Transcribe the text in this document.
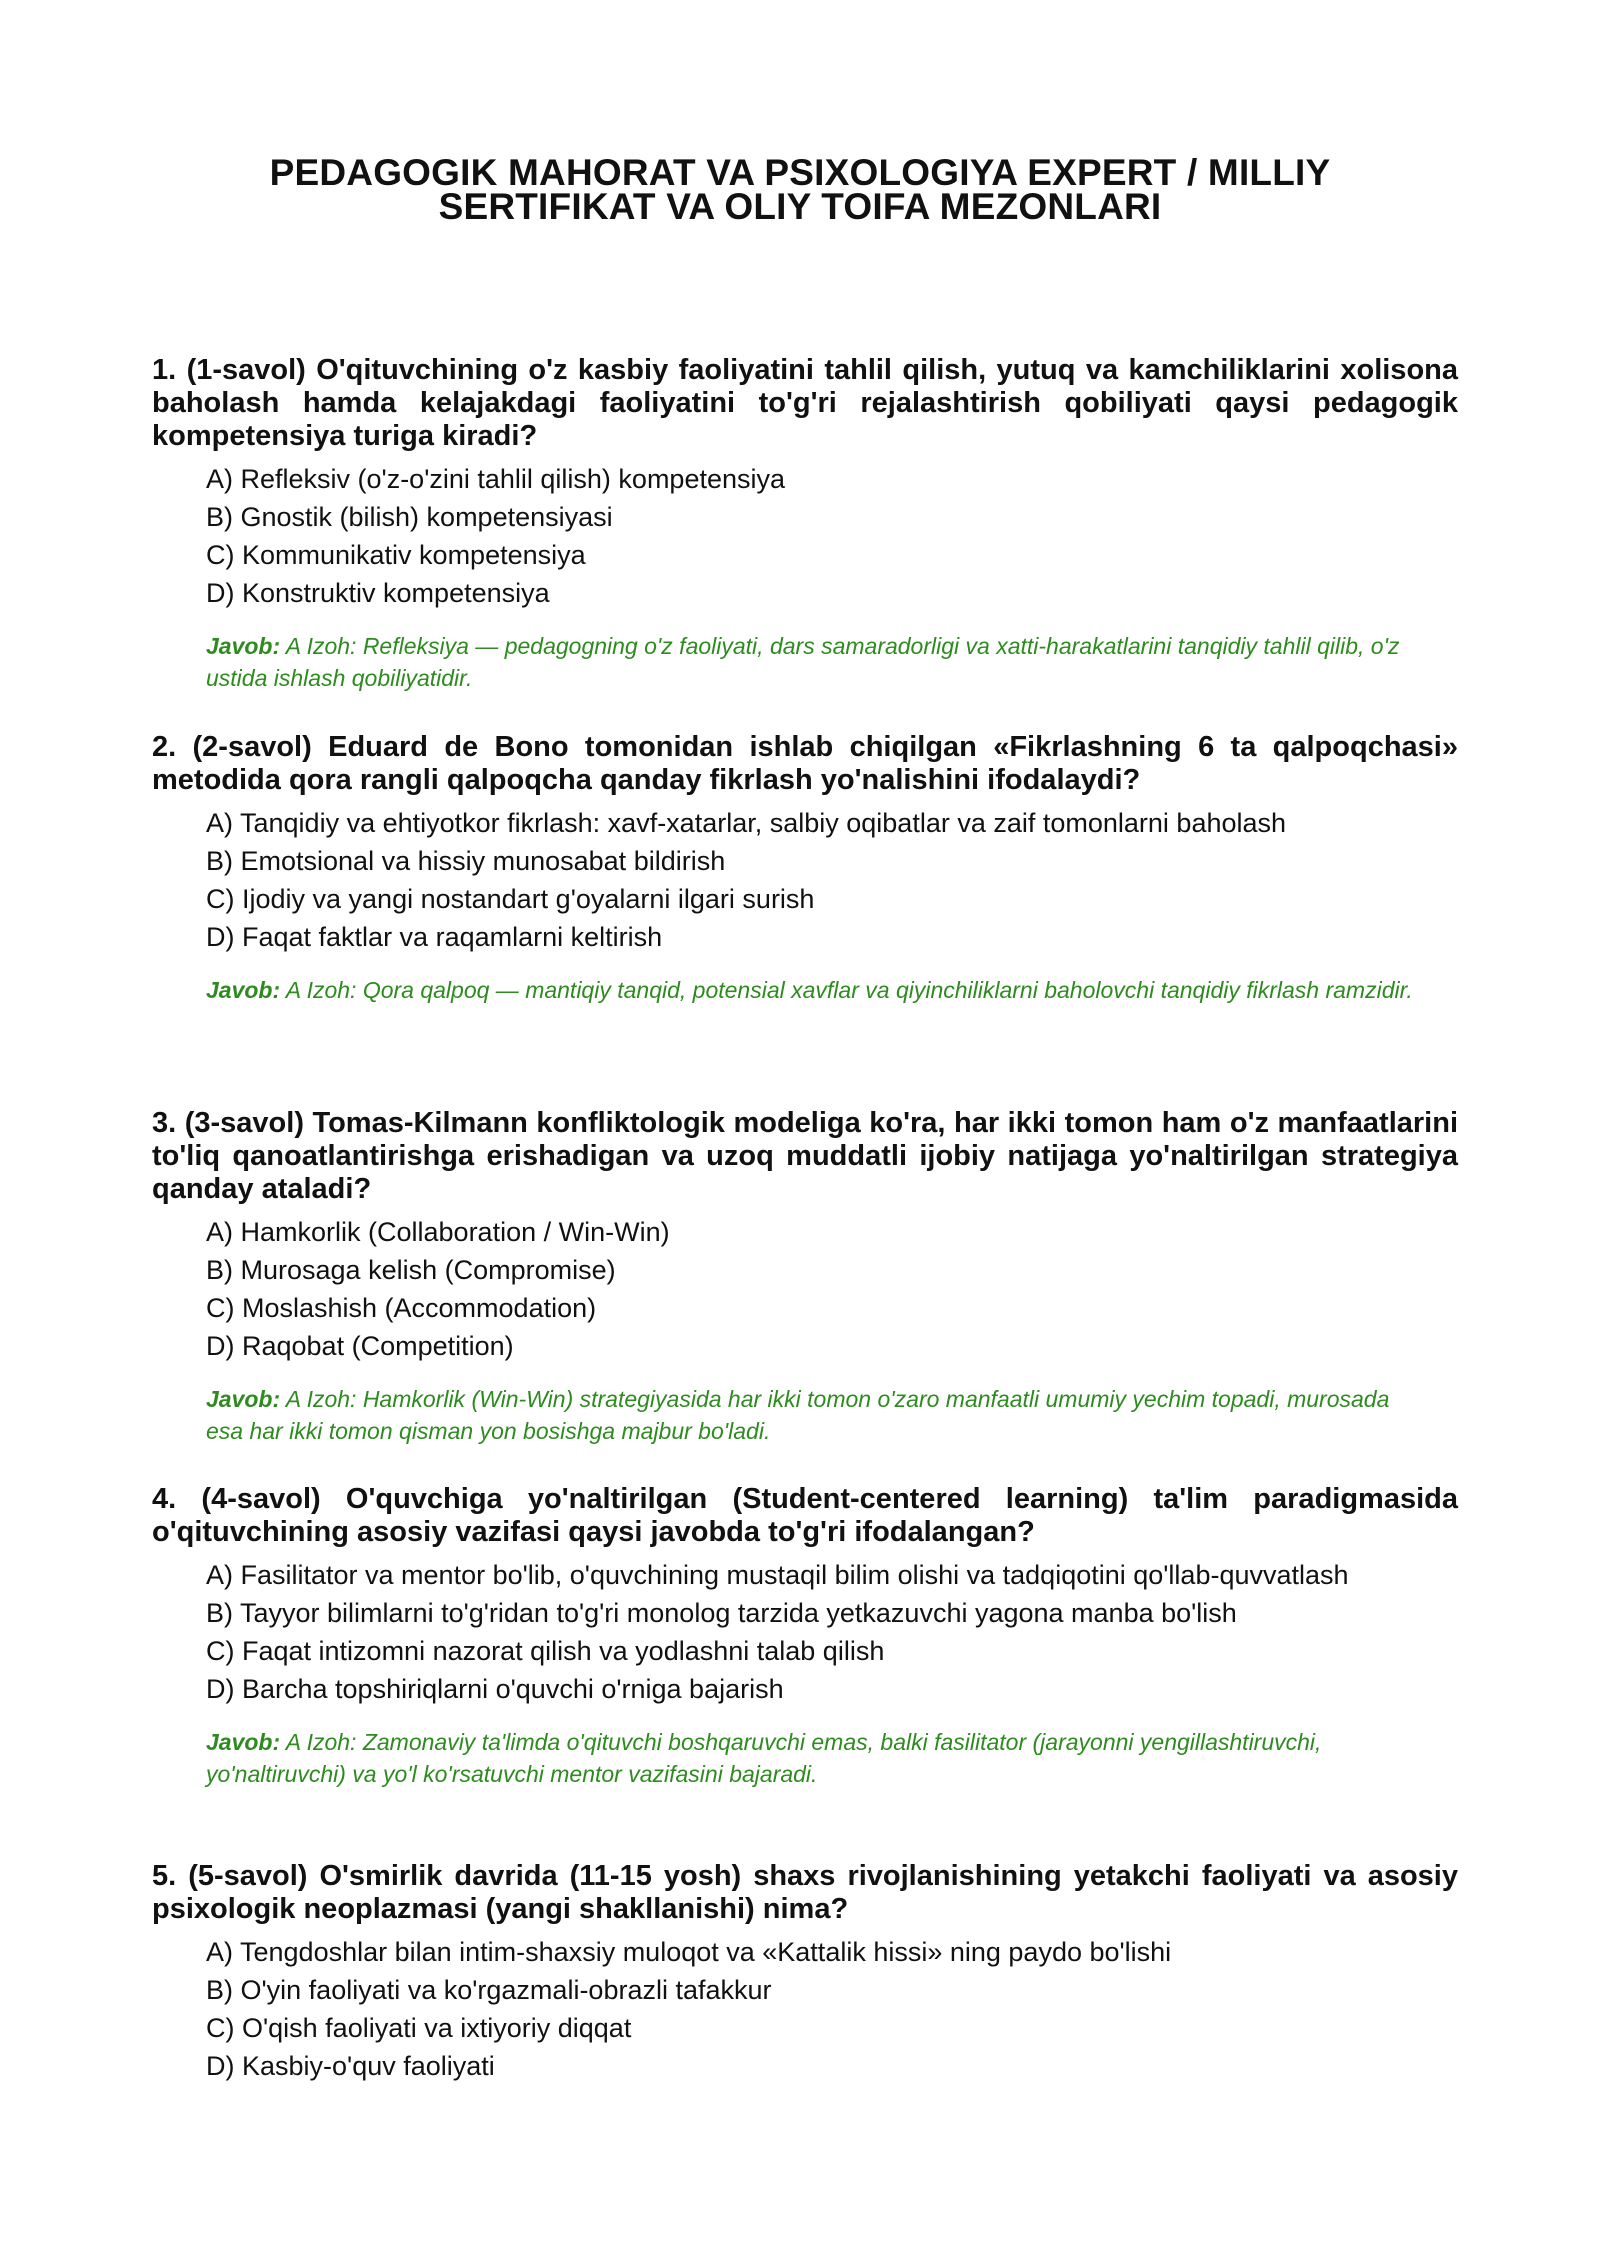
PEDAGOGIK MAHORAT VA PSIXOLOGIYA EXPERT / MILLIY
SERTIFIKAT VA OLIY TOIFA MEZONLARI
1. (1-savol) O'qituvchining o'z kasbiy faoliyatini tahlil qilish, yutuq va kamchiliklarini xolisona baholash hamda kelajakdagi faoliyatini to'g'ri rejalashtirish qobiliyati qaysi pedagogik kompetensiya turiga kiradi?
A) Refleksiv (o'z-o'zini tahlil qilish) kompetensiya
B) Gnostik (bilish) kompetensiyasi
C) Kommunikativ kompetensiya
D) Konstruktiv kompetensiya
Javob: A Izoh: Refleksiya — pedagogning o'z faoliyati, dars samaradorligi va xatti-harakatlarini tanqidiy tahlil qilib, o'z ustida ishlash qobiliyatidir.
2. (2-savol) Eduard de Bono tomonidan ishlab chiqilgan «Fikrlashning 6 ta qalpoqchasi» metodida qora rangli qalpoqcha qanday fikrlash yo'nalishini ifodalaydi?
A) Tanqidiy va ehtiyotkor fikrlash: xavf-xatarlar, salbiy oqibatlar va zaif tomonlarni baholash
B) Emotsional va hissiy munosabat bildirish
C) Ijodiy va yangi nostandart g'oyalarni ilgari surish
D) Faqat faktlar va raqamlarni keltirish
Javob: A Izoh: Qora qalpoq — mantiqiy tanqid, potensial xavflar va qiyinchiliklarni baholovchi tanqidiy fikrlash ramzidir.
3. (3-savol) Tomas-Kilmann konfliktologik modeliga ko'ra, har ikki tomon ham o'z manfaatlarini to'liq qanoatlantirishga erishadigan va uzoq muddatli ijobiy natijaga yo'naltirilgan strategiya qanday ataladi?
A) Hamkorlik (Collaboration / Win-Win)
B) Murosaga kelish (Compromise)
C) Moslashish (Accommodation)
D) Raqobat (Competition)
Javob: A Izoh: Hamkorlik (Win-Win) strategiyasida har ikki tomon o'zaro manfaatli umumiy yechim topadi, murosada esa har ikki tomon qisman yon bosishga majbur bo'ladi.
4. (4-savol) O'quvchiga yo'naltirilgan (Student-centered learning) ta'lim paradigmasida o'qituvchining asosiy vazifasi qaysi javobda to'g'ri ifodalangan?
A) Fasilitator va mentor bo'lib, o'quvchining mustaqil bilim olishi va tadqiqotini qo'llab-quvvatlash
B) Tayyor bilimlarni to'g'ridan to'g'ri monolog tarzida yetkazuvchi yagona manba bo'lish
C) Faqat intizomni nazorat qilish va yodlashni talab qilish
D) Barcha topshiriqlarni o'quvchi o'rniga bajarish
Javob: A Izoh: Zamonaviy ta'limda o'qituvchi boshqaruvchi emas, balki fasilitator (jarayonni yengillashtiruvchi, yo'naltiruvchi) va yo'l ko'rsatuvchi mentor vazifasini bajaradi.
5. (5-savol) O'smirlik davrida (11-15 yosh) shaxs rivojlanishining yetakchi faoliyati va asosiy psixologik neoplazmasi (yangi shakllanishi) nima?
A) Tengdoshlar bilan intim-shaxsiy muloqot va «Kattalik hissi» ning paydo bo'lishi
B) O'yin faoliyati va ko'rgazmali-obrazli tafakkur
C) O'qish faoliyati va ixtiyoriy diqqat
D) Kasbiy-o'quv faoliyati
